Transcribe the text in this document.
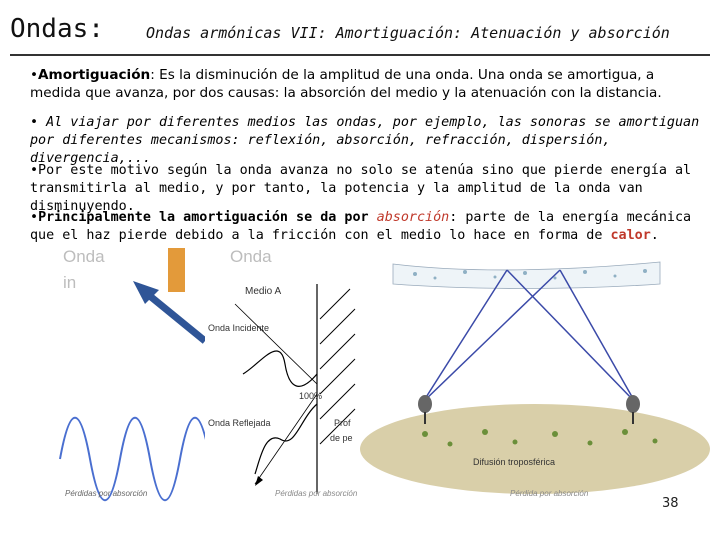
Ondas:	Ondas armónicas VII: Amortiguación: Atenuación y absorción
•Amortiguación: Es la disminución de la amplitud de una onda. Una onda se amortigua, a medida que avanza, por dos causas: la absorción del medio y la atenuación con la distancia.
• Al viajar por diferentes medios las ondas, por ejemplo, las sonoras se amortiguan por diferentes mecanismos: reflexión, absorción, refracción, dispersión, divergencia,...
•Por este motivo según la onda avanza no solo se atenúa sino que pierde energía al transmitirla al medio, y por tanto, la potencia y la amplitud de la onda van disminuyendo.
•Principalmente la amortiguación se da por absorción: parte de la energía mecánica que el haz pierde debido a la fricción con el medio lo hace en forma de calor.
Onda	Onda
in
Pérdidas por absorción
Medio A
Onda Incidente
100%
Onda Reflejada	Prof
de pe
Pérdidas por absorción
Difusión troposférica
Pérdida por absorción
38
